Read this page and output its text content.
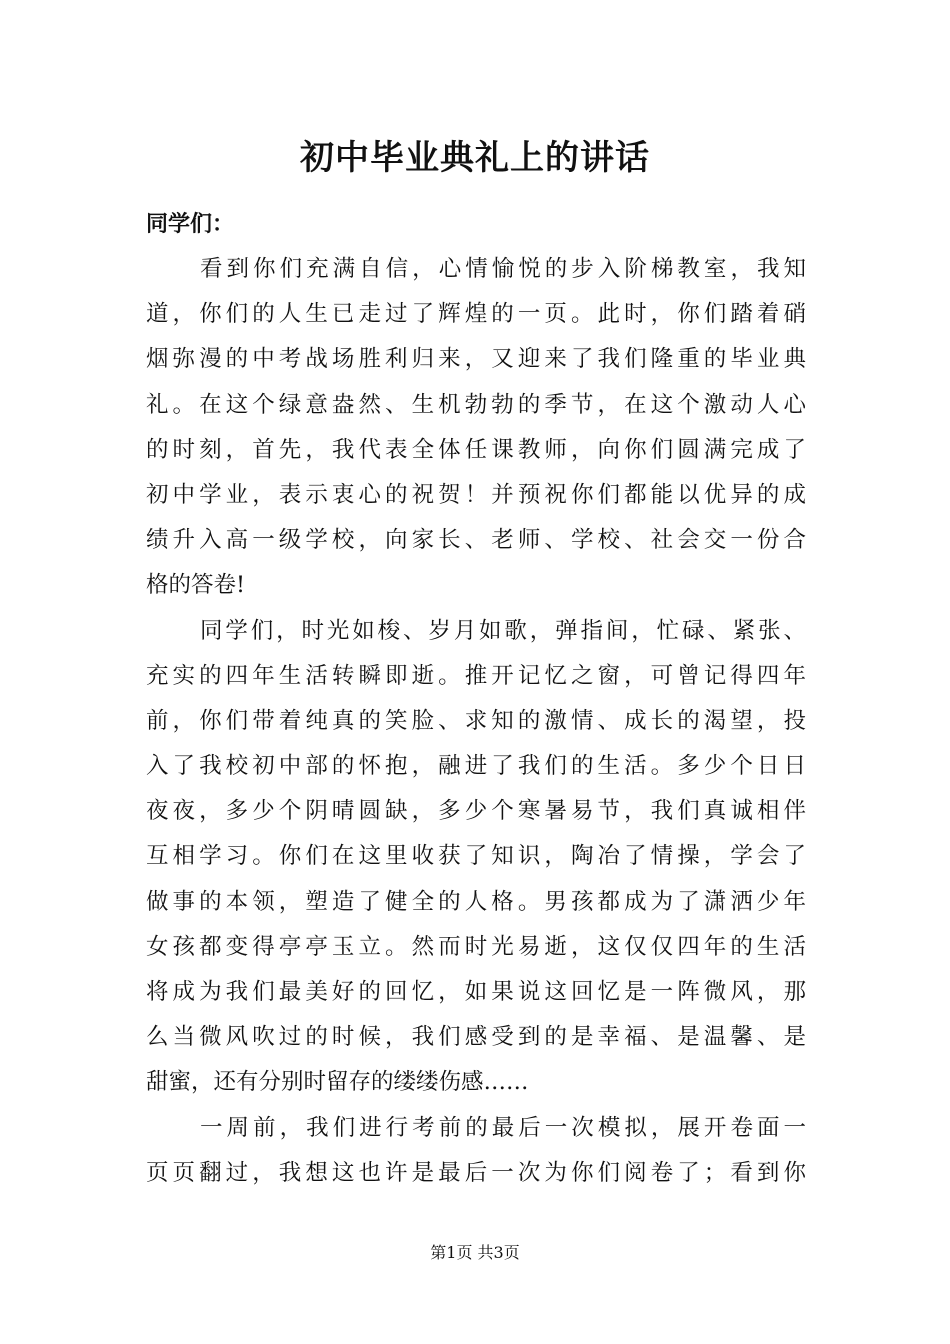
初中毕业典礼上的讲话
同学们：
看到你们充满自信，心情愉悦的步入阶梯教室，我知
道，你们的人生已走过了辉煌的一页。此时，你们踏着硝
烟弥漫的中考战场胜利归来，又迎来了我们隆重的毕业典
礼。在这个绿意盎然、生机勃勃的季节，在这个激动人心
的时刻，首先，我代表全体任课教师，向你们圆满完成了
初中学业，表示衷心的祝贺！并预祝你们都能以优异的成
绩升入高一级学校，向家长、老师、学校、社会交一份合
格的答卷!
同学们，时光如梭、岁月如歌，弹指间，忙碌、紧张、
充实的四年生活转瞬即逝。推开记忆之窗，可曾记得四年
前，你们带着纯真的笑脸、求知的激情、成长的渴望，投
入了我校初中部的怀抱，融进了我们的生活。多少个日日
夜夜，多少个阴晴圆缺，多少个寒暑易节，我们真诚相伴
互相学习。你们在这里收获了知识，陶冶了情操，学会了
做事的本领，塑造了健全的人格。男孩都成为了潇洒少年
女孩都变得亭亭玉立。然而时光易逝，这仅仅四年的生活
将成为我们最美好的回忆，如果说这回忆是一阵微风，那
么当微风吹过的时候，我们感受到的是幸福、是温馨、是
甜蜜，还有分别时留存的缕缕伤感……
一周前，我们进行考前的最后一次模拟，展开卷面一
页页翻过，我想这也许是最后一次为你们阅卷了；看到你
第1页 共3页
